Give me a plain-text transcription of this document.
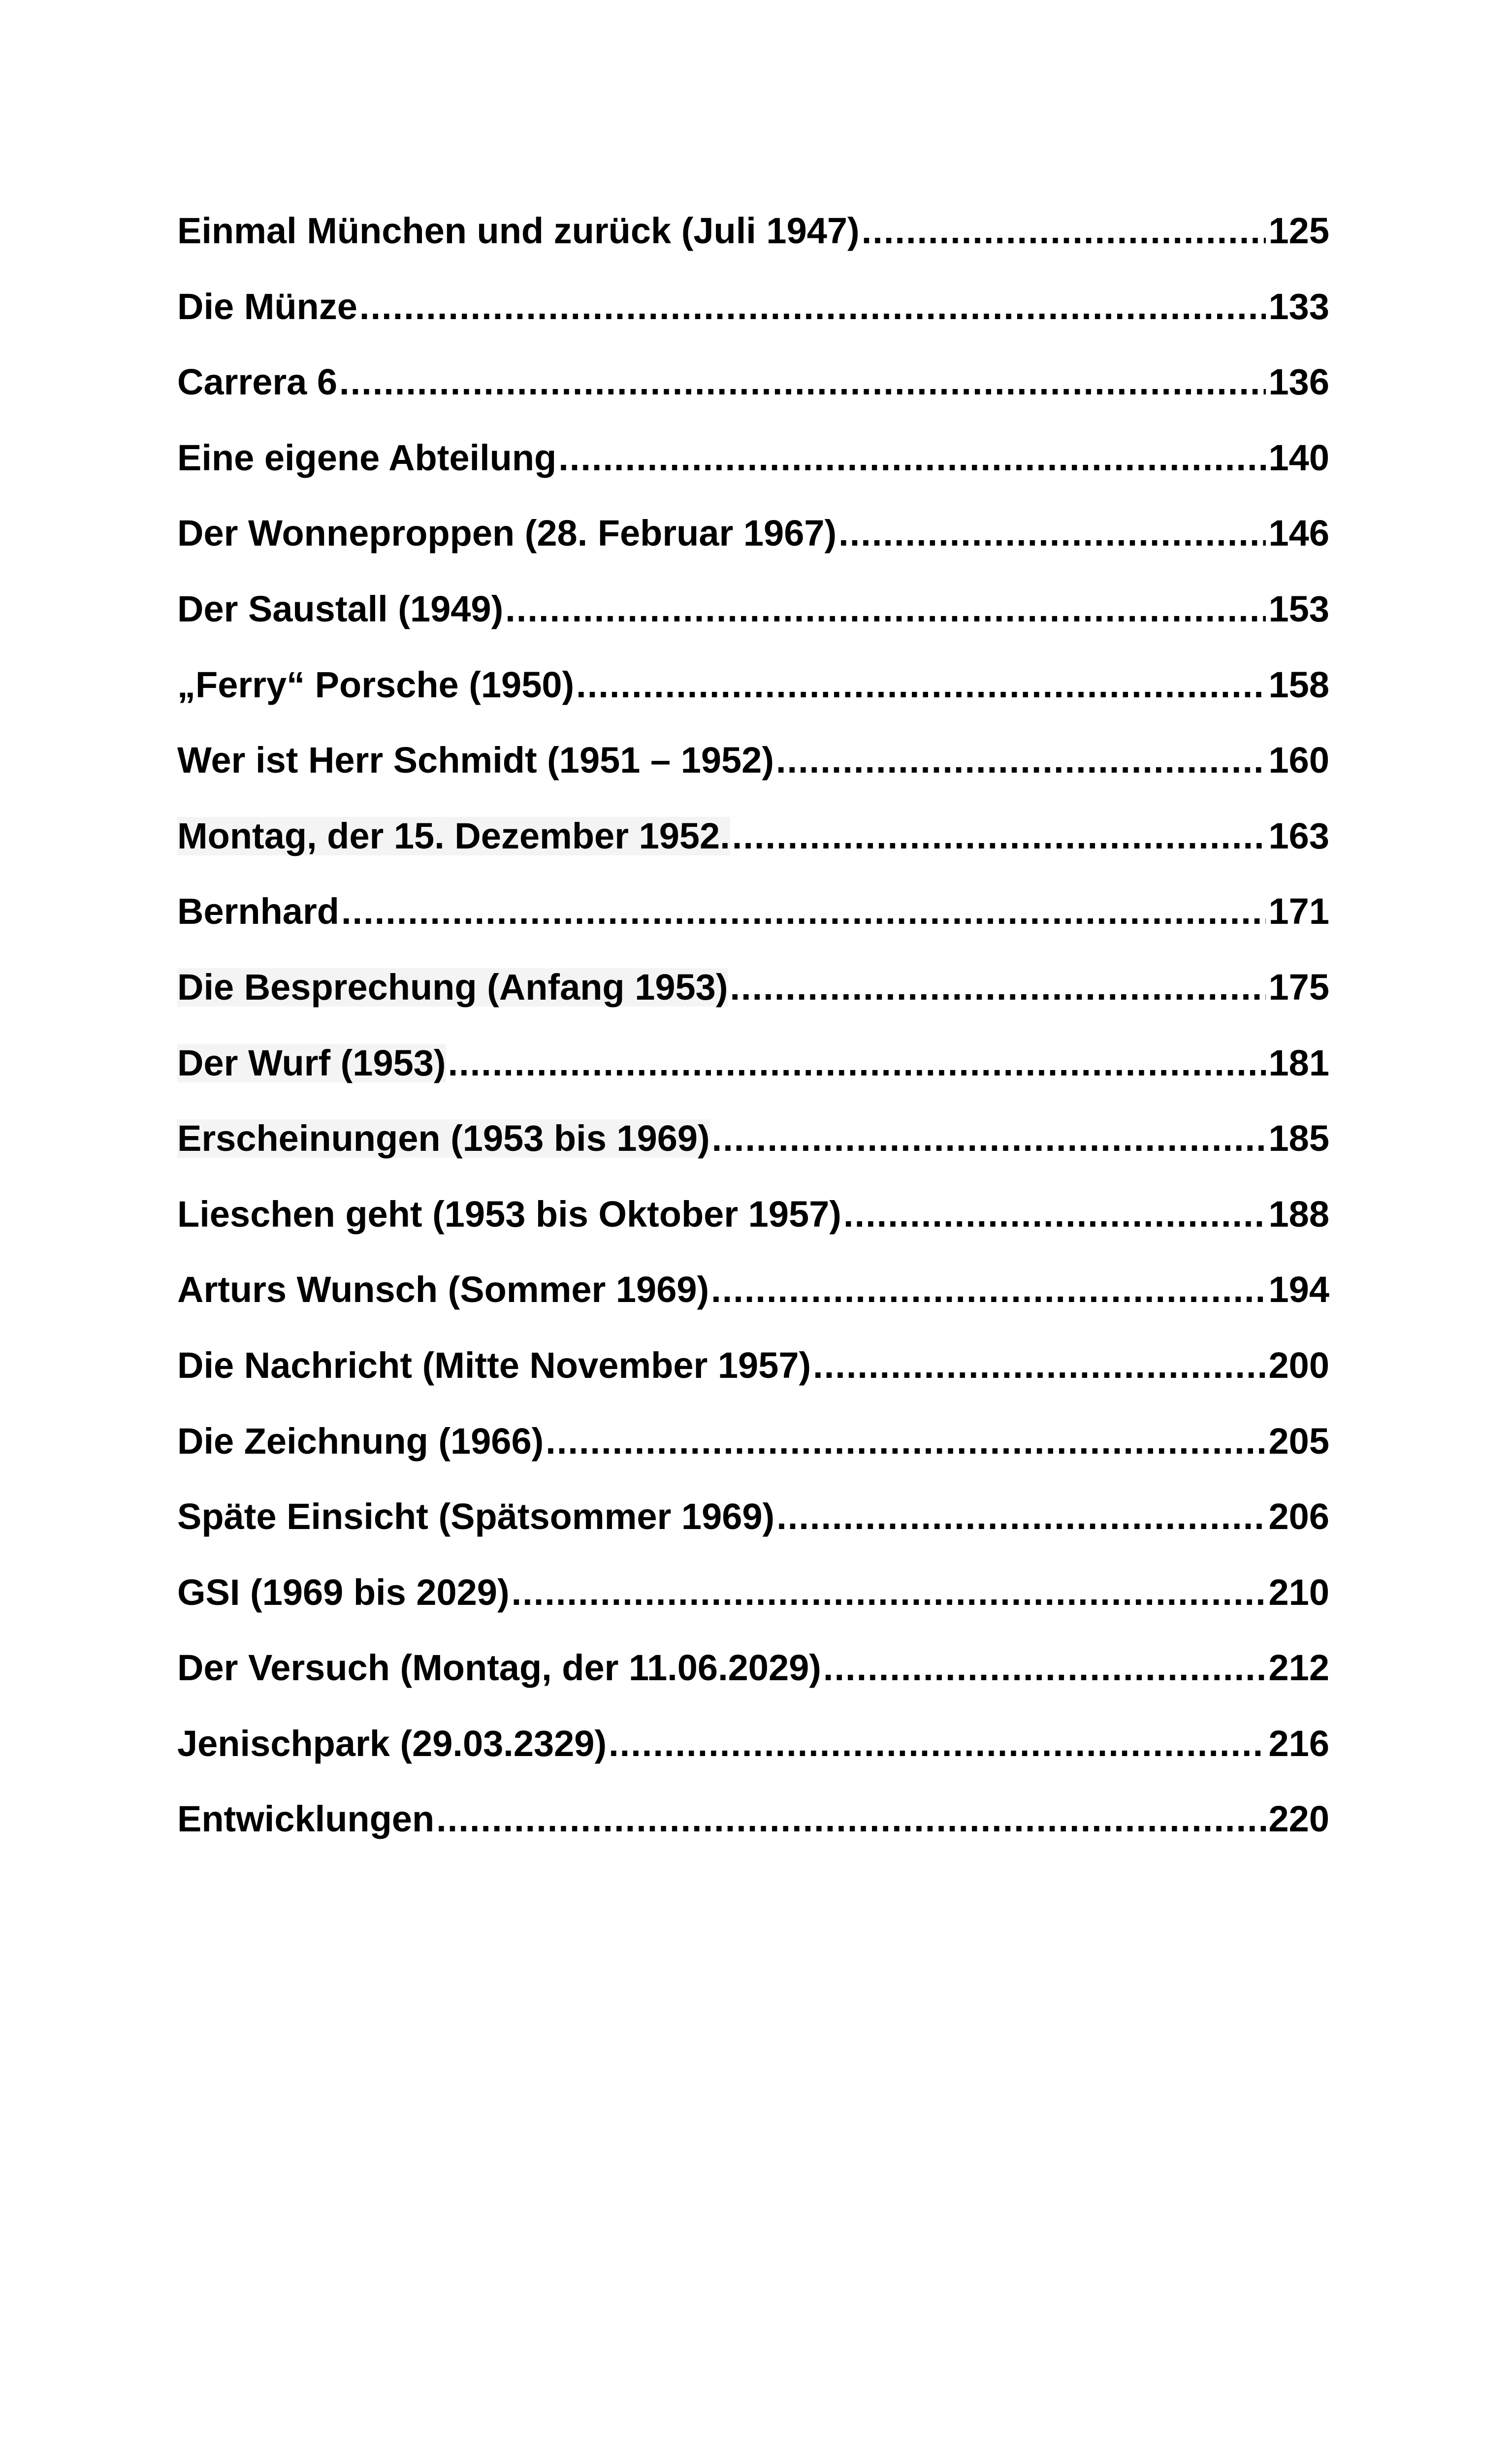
Einmal München und zurück (Juli 1947) .....	125
Die Münze .....	133
Carrera 6 .....	136
Eine eigene Abteilung .....	140
Der Wonneproppen (28. Februar 1967) .....	146
Der Saustall (1949) .....	153
„Ferry“ Porsche (1950) .....	158
Wer ist Herr Schmidt (1951 – 1952) .....	160
Montag, der 15. Dezember 1952. .....	163
Bernhard .....	171
Die Besprechung (Anfang 1953) .....	175
Der Wurf (1953) .....	181
Erscheinungen (1953 bis 1969) .....	185
Lieschen geht (1953 bis Oktober 1957) .....	188
Arturs Wunsch (Sommer 1969) .....	194
Die Nachricht (Mitte November 1957) .....	200
Die Zeichnung (1966) .....	205
Späte Einsicht (Spätsommer 1969) .....	206
GSI (1969 bis 2029) .....	210
Der Versuch (Montag, der 11.06.2029) .....	212
Jenischpark (29.03.2329) .....	216
Entwicklungen .....	220
